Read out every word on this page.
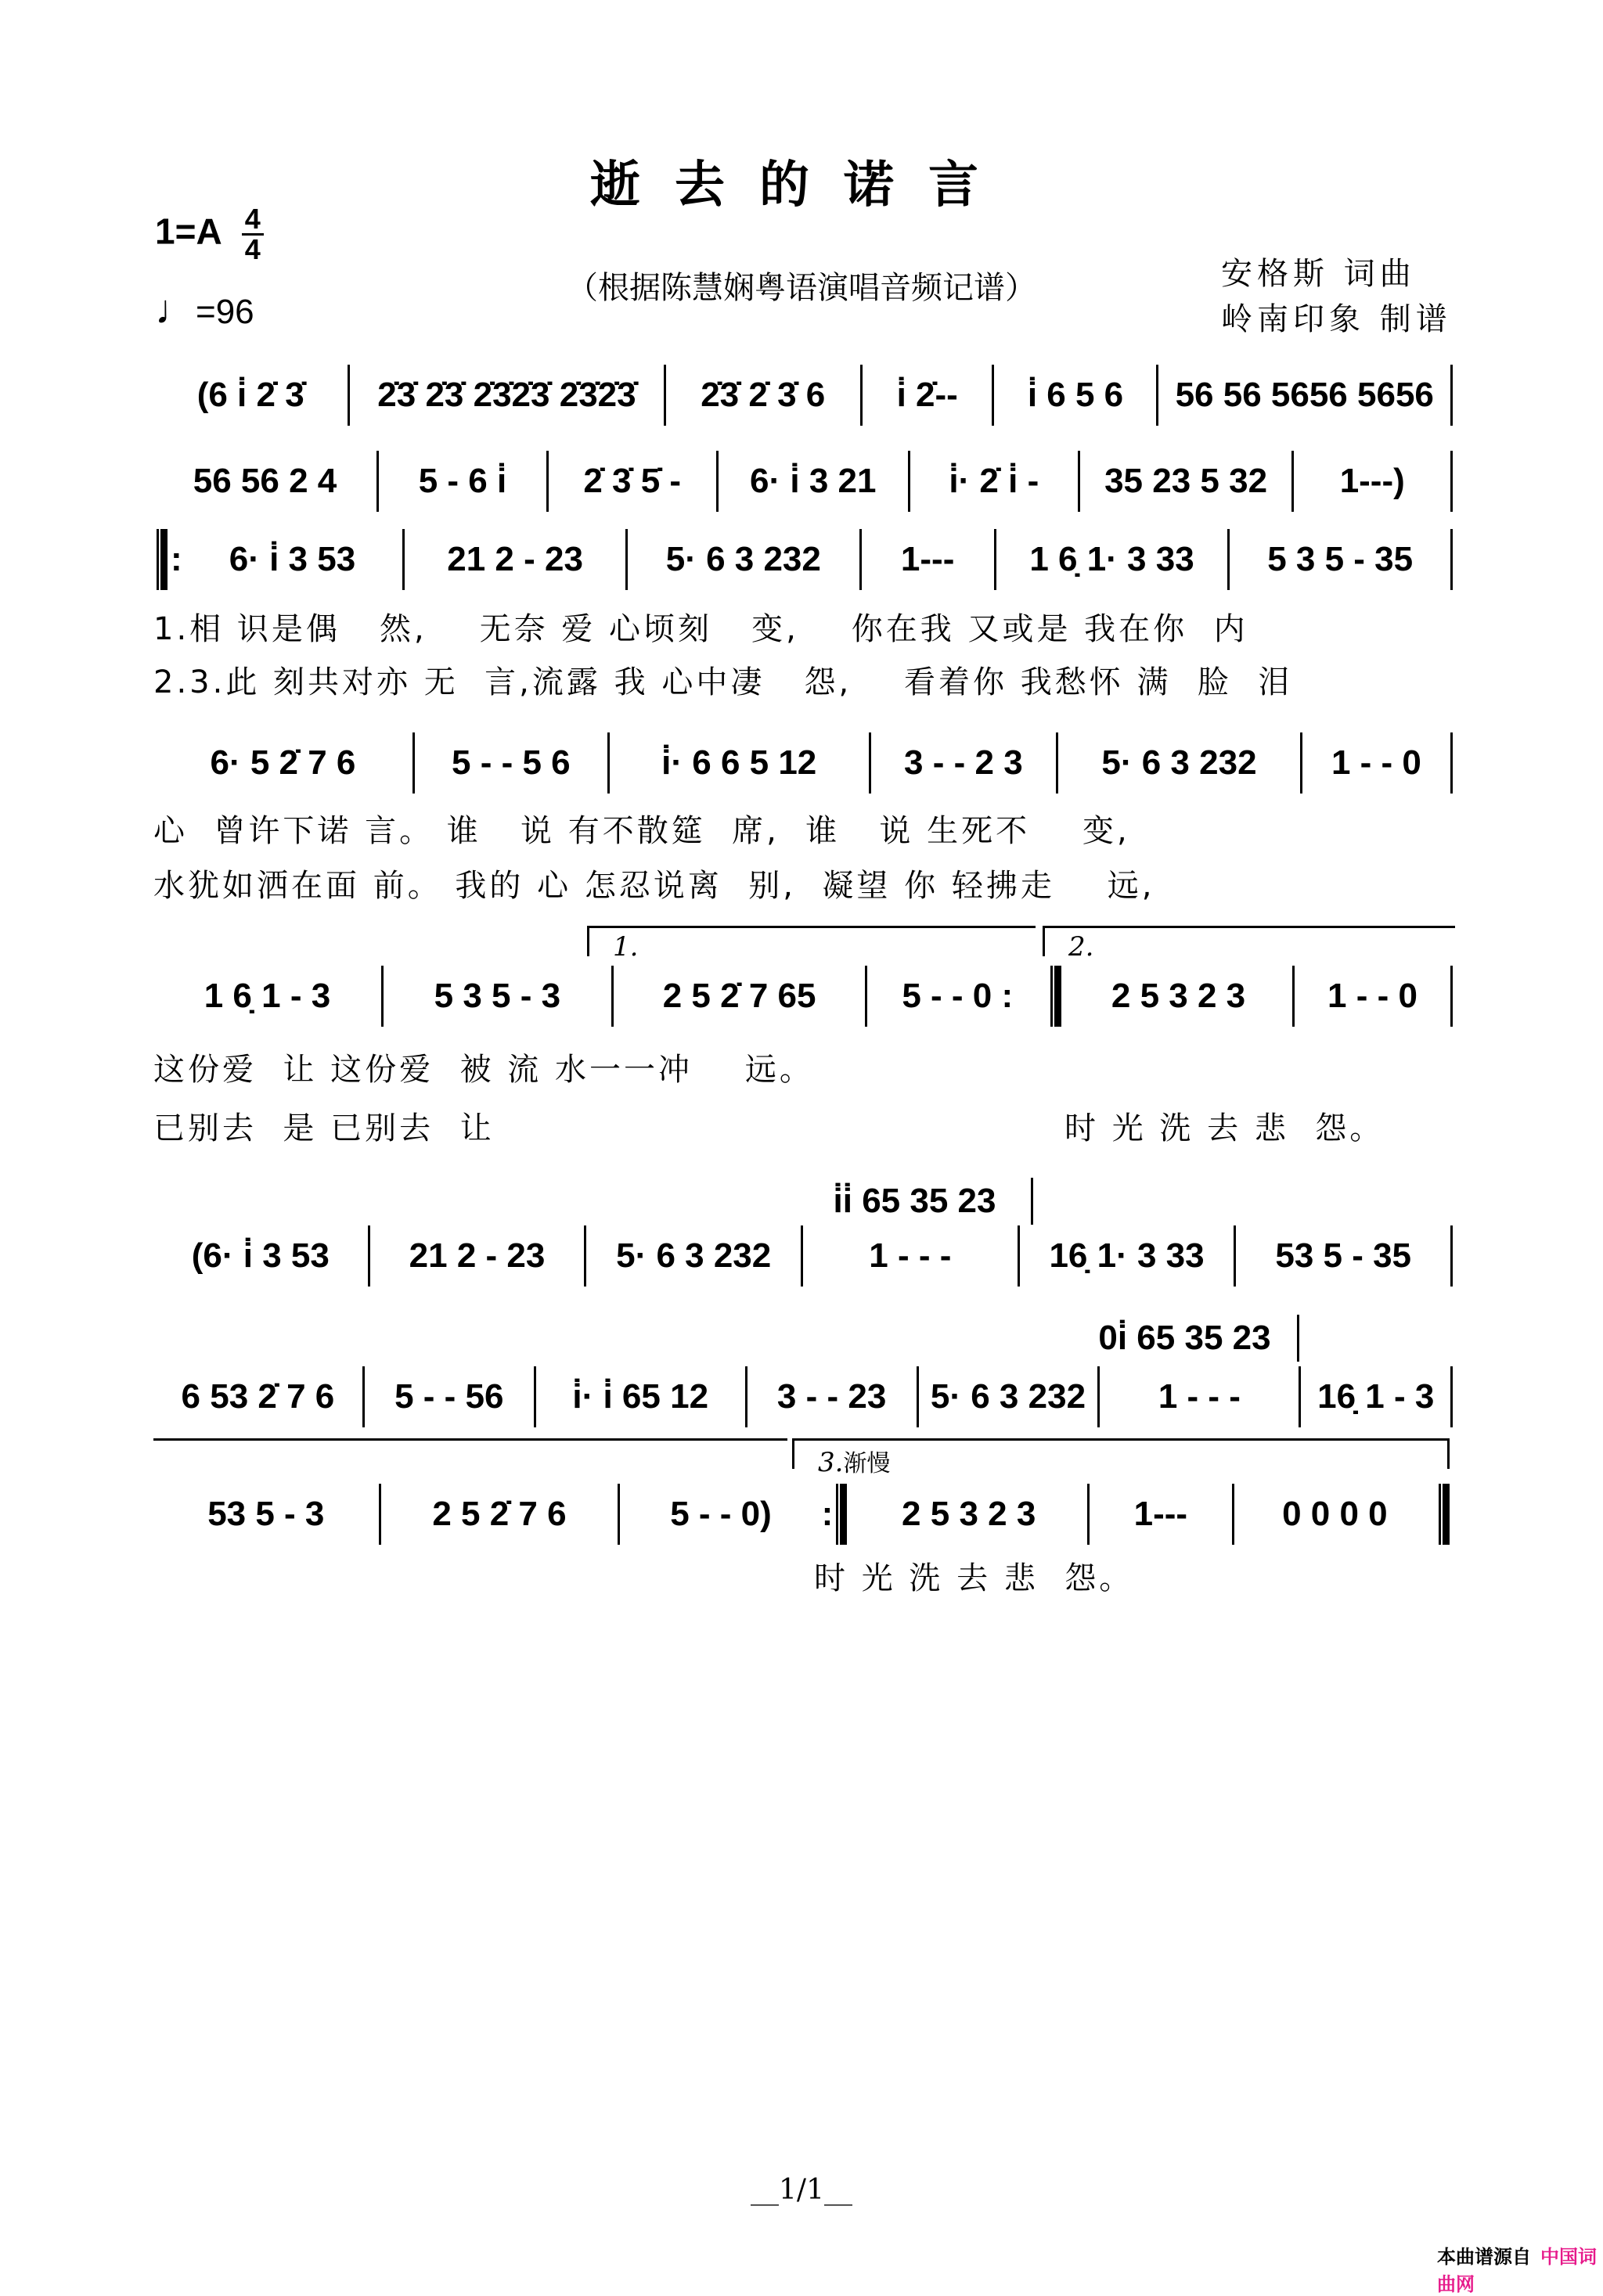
逝去的诺言
$1=A \frac{4}{4}$
♩=96
（根据陈慧娴粤语演唱音频记谱）	安格斯 词曲
岭南印象 制谱
(6 i̇ 2̇ 3̇	2̇3̇ 2̇3̇ 2̇3̇2̇3̇ 2̇3̇2̇3̇	2̇3̇ 2̇ 3̇ 6	i̇ 2̇--	i̇ 6 5 6	56 56 5656 5656
56 56 2 4	5 - 6 i̇	2̇ 3̇ 5̇ -	6· i̇ 3 21	i̇· 2̇ i̇ -	35 23 5 32	1---)
:	6· i̇ 3 53	21 2 - 23	5· 6 3 232	1---	1 6̣ 1· 3 33	5 3 5 - 35
1.相 识是偶   然,    无奈 爱 心顷刻   变,    你在我 又或是 我在你  内
2.3.此 刻共对亦 无  言,流露 我 心中凄   怨,    看着你 我愁怀 满  脸  泪
6· 5 2̇ 7 6	5 - - 5 6	i̇· 6 6 5 12	3 - - 2 3	5· 6 3 232	1 - - 0
心  曾许下诺 言。 谁   说 有不散筵  席,  谁   说 生死不    变,
水犹如洒在面 前。 我的 心 怎忍说离  别,  凝望 你 轻拂走    远,
1.	2.
1 6̣ 1 - 3	5 3 5 - 3	2 5 2̇ 7 65	5 - - 0 :	2 5 3 2 3	1 - - 0
这份爱  让 这份爱  被 流 水一一冲    远。
已别去  是 已别去  让	时 光 洗 去 悲  怨。
i̇i̇ 65 35 23
(6· i̇ 3 53	21 2 - 23	5· 6 3 232	1 - - -	16̣ 1· 3 33	53 5 - 35
0i̇ 65 35 23
6 53 2̇ 7 6	5 - - 56	i̇· i̇ 65 12	3 - - 23	5· 6 3 232	1 - - -	16̣ 1 - 3
3.渐慢
53 5 - 3	2 5 2̇ 7 6	5 - - 0)	:	2 5 3 2 3	1---	0 0 0 0
时 光 洗 去 悲  怨。
__1/1__
本曲谱源自 中国词曲网
